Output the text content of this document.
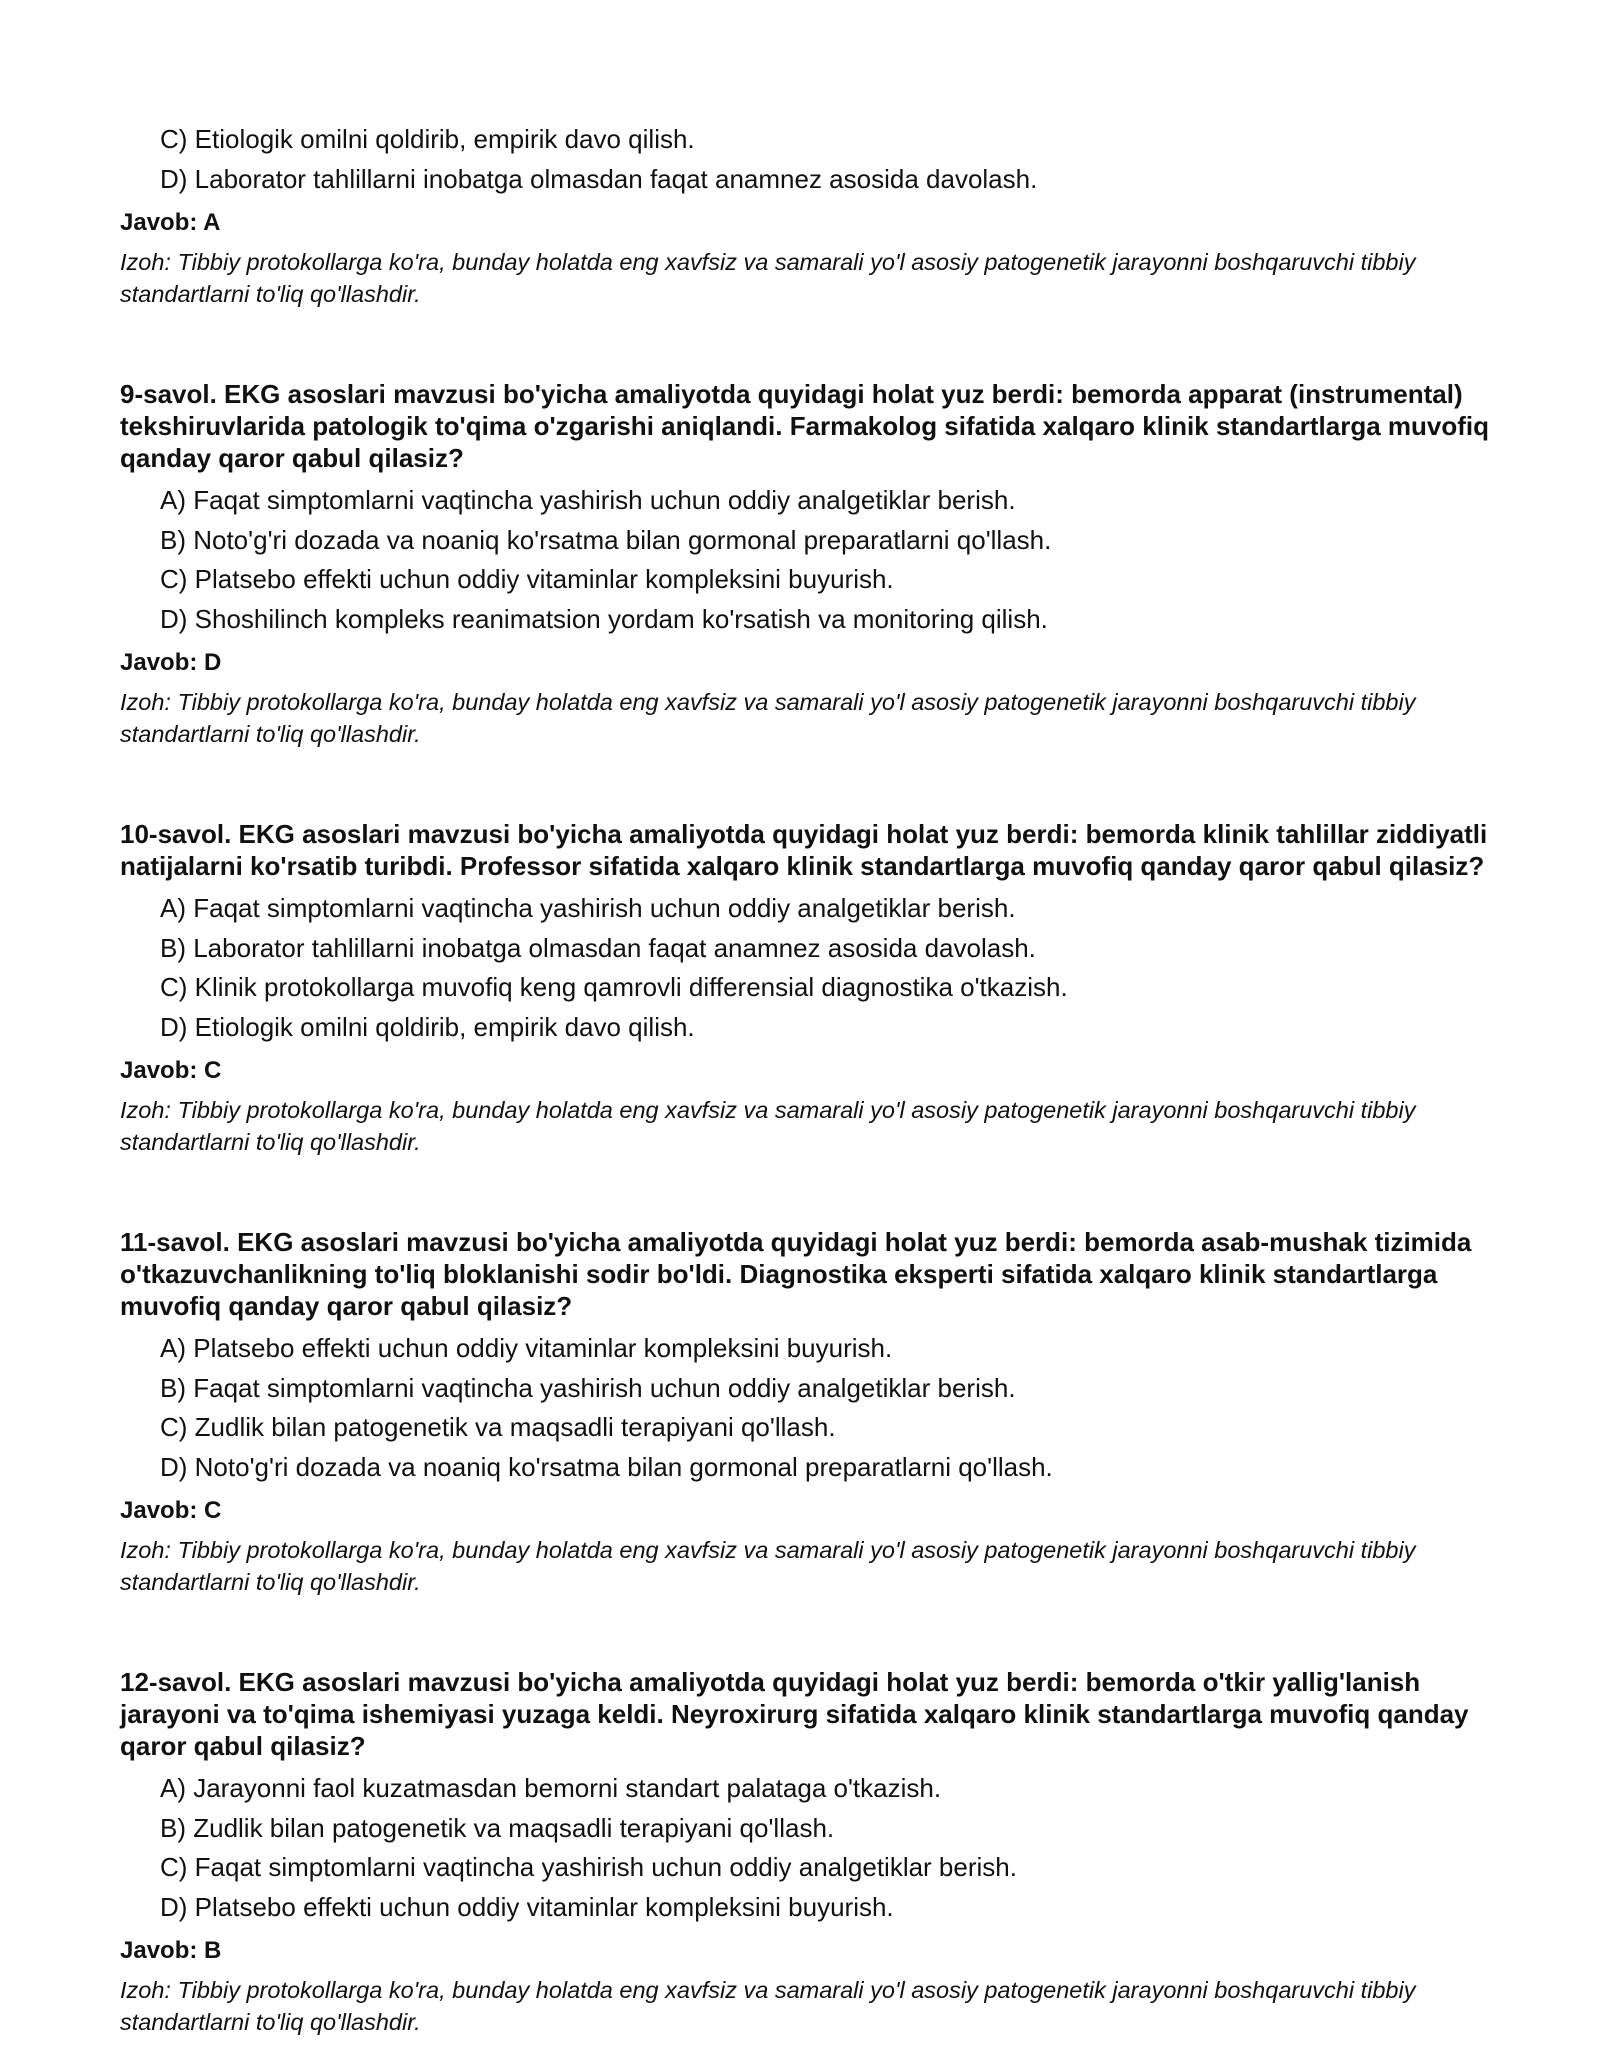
C) Etiologik omilni qoldirib, empirik davo qilish.
D) Laborator tahlillarni inobatga olmasdan faqat anamnez asosida davolash.
Javob: A
Izoh: Tibbiy protokollarga ko'ra, bunday holatda eng xavfsiz va samarali yo'l asosiy patogenetik jarayonni boshqaruvchi tibbiy standartlarni to'liq qo'llashdir.
9-savol. EKG asoslari mavzusi bo'yicha amaliyotda quyidagi holat yuz berdi: bemorda apparat (instrumental) tekshiruvlarida patologik to'qima o'zgarishi aniqlandi. Farmakolog sifatida xalqaro klinik standartlarga muvofiq qanday qaror qabul qilasiz?
A) Faqat simptomlarni vaqtincha yashirish uchun oddiy analgetiklar berish.
B) Noto'g'ri dozada va noaniq ko'rsatma bilan gormonal preparatlarni qo'llash.
C) Platsebo effekti uchun oddiy vitaminlar kompleksini buyurish.
D) Shoshilinch kompleks reanimatsion yordam ko'rsatish va monitoring qilish.
Javob: D
Izoh: Tibbiy protokollarga ko'ra, bunday holatda eng xavfsiz va samarali yo'l asosiy patogenetik jarayonni boshqaruvchi tibbiy standartlarni to'liq qo'llashdir.
10-savol. EKG asoslari mavzusi bo'yicha amaliyotda quyidagi holat yuz berdi: bemorda klinik tahlillar ziddiyatli natijalarni ko'rsatib turibdi. Professor sifatida xalqaro klinik standartlarga muvofiq qanday qaror qabul qilasiz?
A) Faqat simptomlarni vaqtincha yashirish uchun oddiy analgetiklar berish.
B) Laborator tahlillarni inobatga olmasdan faqat anamnez asosida davolash.
C) Klinik protokollarga muvofiq keng qamrovli differensial diagnostika o'tkazish.
D) Etiologik omilni qoldirib, empirik davo qilish.
Javob: C
Izoh: Tibbiy protokollarga ko'ra, bunday holatda eng xavfsiz va samarali yo'l asosiy patogenetik jarayonni boshqaruvchi tibbiy standartlarni to'liq qo'llashdir.
11-savol. EKG asoslari mavzusi bo'yicha amaliyotda quyidagi holat yuz berdi: bemorda asab-mushak tizimida o'tkazuvchanlikning to'liq bloklanishi sodir bo'ldi. Diagnostika eksperti sifatida xalqaro klinik standartlarga muvofiq qanday qaror qabul qilasiz?
A) Platsebo effekti uchun oddiy vitaminlar kompleksini buyurish.
B) Faqat simptomlarni vaqtincha yashirish uchun oddiy analgetiklar berish.
C) Zudlik bilan patogenetik va maqsadli terapiyani qo'llash.
D) Noto'g'ri dozada va noaniq ko'rsatma bilan gormonal preparatlarni qo'llash.
Javob: C
Izoh: Tibbiy protokollarga ko'ra, bunday holatda eng xavfsiz va samarali yo'l asosiy patogenetik jarayonni boshqaruvchi tibbiy standartlarni to'liq qo'llashdir.
12-savol. EKG asoslari mavzusi bo'yicha amaliyotda quyidagi holat yuz berdi: bemorda o'tkir yallig'lanish jarayoni va to'qima ishemiyasi yuzaga keldi. Neyroxirurg sifatida xalqaro klinik standartlarga muvofiq qanday qaror qabul qilasiz?
A) Jarayonni faol kuzatmasdan bemorni standart palataga o'tkazish.
B) Zudlik bilan patogenetik va maqsadli terapiyani qo'llash.
C) Faqat simptomlarni vaqtincha yashirish uchun oddiy analgetiklar berish.
D) Platsebo effekti uchun oddiy vitaminlar kompleksini buyurish.
Javob: B
Izoh: Tibbiy protokollarga ko'ra, bunday holatda eng xavfsiz va samarali yo'l asosiy patogenetik jarayonni boshqaruvchi tibbiy standartlarni to'liq qo'llashdir.
